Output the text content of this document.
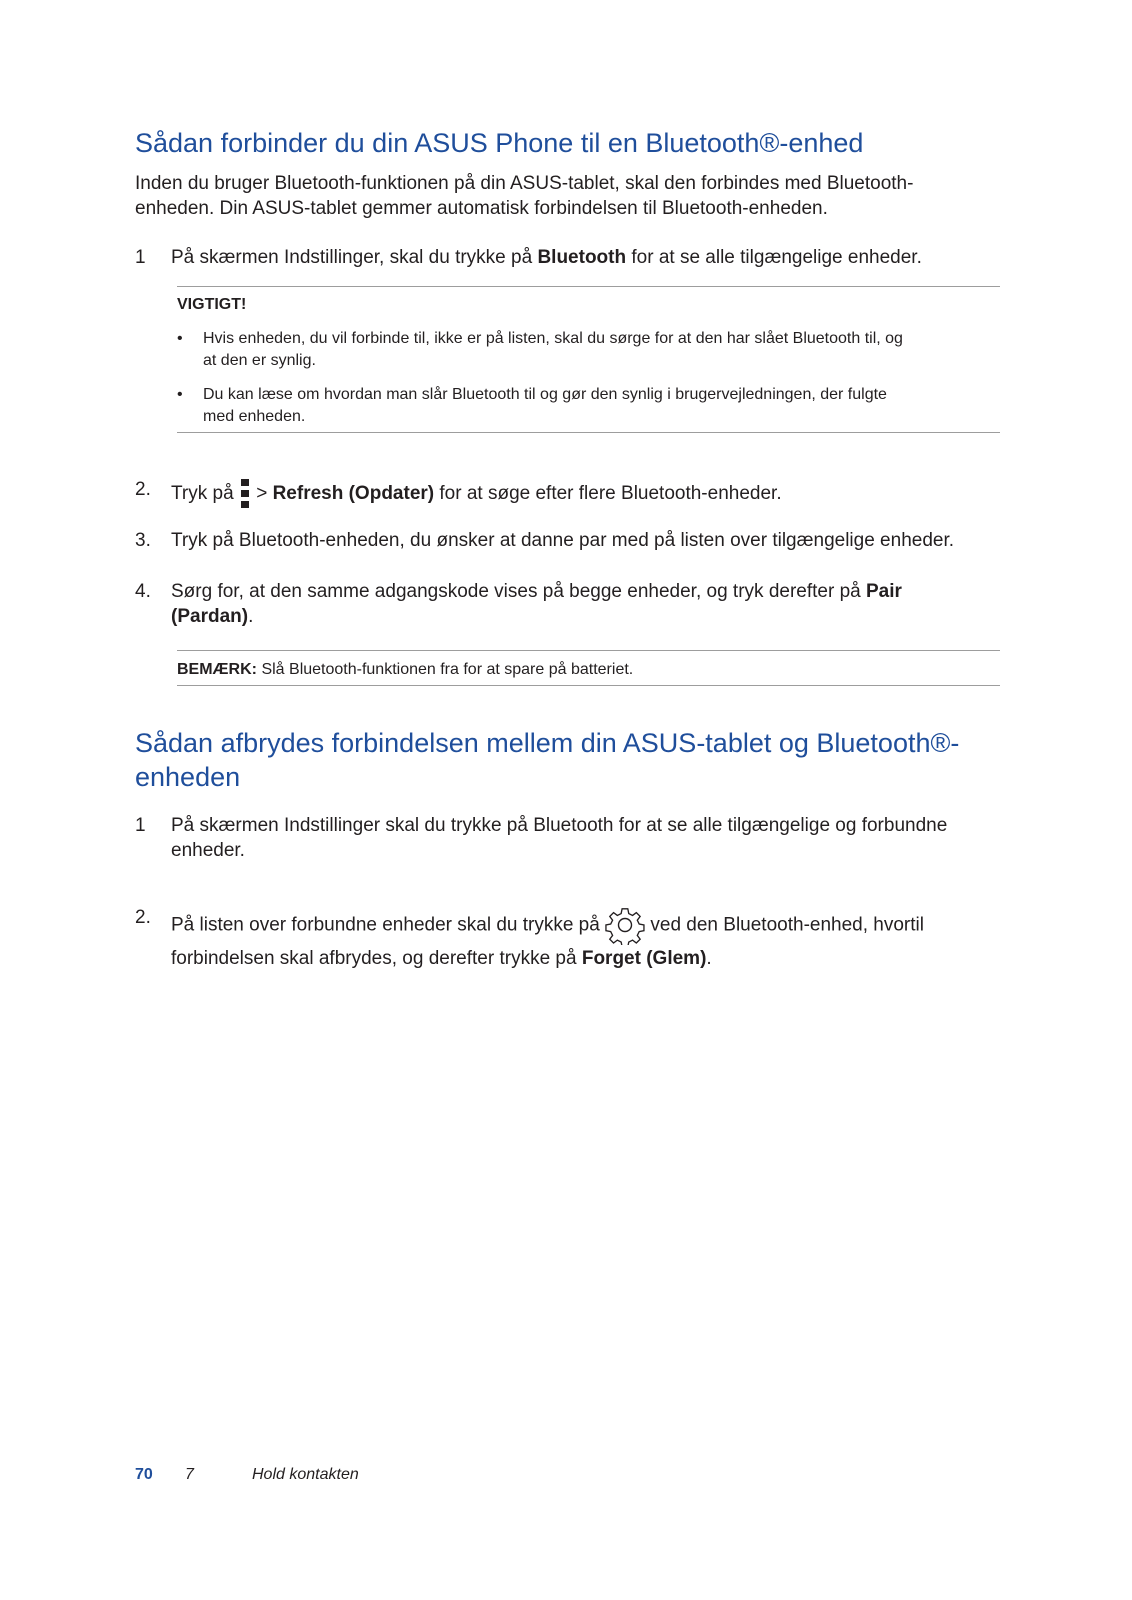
Sådan forbinder du din ASUS Phone til en Bluetooth®-enhed

Inden du bruger Bluetooth-funktionen på din ASUS-tablet, skal den forbindes med Bluetooth-
enheden. Din ASUS-tablet gemmer automatisk forbindelsen til Bluetooth-enheden.

1 På skærmen Indstillinger, skal du trykke på Bluetooth for at se alle tilgængelige enheder.
VIGTIGT!
• Hvis enheden, du vil forbinde til, ikke er på listen, skal du sørge for at den har slået Bluetooth til, og
at den er synlig.
• Du kan læse om hvordan man slår Bluetooth til og gør den synlig i brugervejledningen, der fulgte
med enheden.
2. Tryk på  > Refresh (Opdater) for at søge efter flere Bluetooth-enheder.
3. Tryk på Bluetooth-enheden, du ønsker at danne par med på listen over tilgængelige enheder.
4. Sørg for, at den samme adgangskode vises på begge enheder, og tryk derefter på Pair
(Pardan).
BEMÆRK: Slå Bluetooth-funktionen fra for at spare på batteriet.
Sådan afbrydes forbindelsen mellem din ASUS-tablet og Bluetooth®-
enheden
1 På skærmen Indstillinger skal du trykke på Bluetooth for at se alle tilgængelige og forbundne
enheder.
2. På listen over forbundne enheder skal du trykke på  ved den Bluetooth-enhed, hvortil
forbindelsen skal afbrydes, og derefter trykke på Forget (Glem).
70 7	Hold kontakten
